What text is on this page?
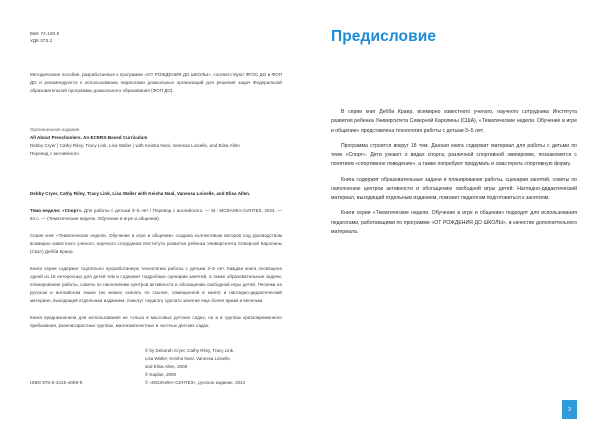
ББК 74.100.5
УДК 373.2
Методические пособия, разработанные к программе «ОТ РОЖДЕНИЯ ДО ШКОЛЫ», соответствуют ФГОС ДО и ФОП ДО и рекомендуются к использованию педагогами дошкольных организаций для решения задач Федеральной образовательной программы дошкольного образования (ФОП ДО).
Оригинальное издание
All About Preschoolers. An ECERS-Based Curriculum
Debby Cryer | Cathy Riley, Tracy Link, Lisa Waller | with Keisha Neal, Vanessa Loiselle, and Elisa Allen
Перевод с английского
Debby Cryer, Cathy Riley, Tracy Link, Lisa Waller with Keisha Neal, Vanessa Loiselle, and Elisa Allen.
Тема недели: «Спорт». Для работы с детьми 3–5 лет / Перевод с английского. — М.: МОЗАИКА-СИНТЕЗ, 2024. — 64 с. — (Тематические недели. Обучение в игре и общении).
Серия книг «Тематические недели. Обучение в игре и общении» создана коллективом авторов под руководством всемирно известного ученого, научного сотрудника Института развития ребенка Университета Северной Каролины (США) Дебби Краер.
Книги серии содержат тщательно проработанную технологию работы с детьми 3–5 лет. Каждая книга посвящена одной из 18 интересных для детей тем и содержит подробные сценарии занятий, а также образовательные задачи, планирование работы, советы по наполнению центров активности и обогащению свободной игры детей. Песенки на русском и английском языке (их можно скачать по ссылке, помещенной в книге) и наглядно-дидактический материал, выходящий отдельным изданием, помогут педагогу сделать занятие еще более ярким и веселым.
Книга предназначена для использования не только в массовых детских садах, но и в группах кратковременного пребывания, разновозрастных группах, малокомплектных и частных детских садах.
© by Deborah Cryer, Cathy Riley, Tracy Link,
Lisa Waller, Keisha Neal, Vanessa Loiselle,
and Elisa Allen, 2008
© Kaplan, 2008
© «МОЗАИКА-СИНТЕЗ», русское издание, 2024
ISBN 978-5-4315-4089-9
Предисловие

В серии книг Дебби Краер, всемирно известного ученого, научного сотрудника Института развития ребенка Университета Северной Каролины (США), «Тематические недели. Обучение в игре и общении» представлена технология работы с детьми 3–5 лет.

Программа строится вокруг 18 тем. Данная книга содержит материал для работы с детьми по теме «Спорт». Дети узнают о видах спорта, различной спортивной экипировке, познакомятся с понятием «спортивное поведение», а также попробуют придумать и смастерить спортивную форму.

Книга содержит образовательные задачи и планирование работы, сценарии занятий, советы по наполнению центров активности и обогащению свободной игры детей. Наглядно-дидактический материал, выходящий отдельным изданием, поможет педагогам подготовиться к занятиям.

Книги серии «Тематические недели. Обучение в игре и общении» подходят для использования педагогами, работающими по программе «ОТ РОЖДЕНИЯ ДО ШКОЛЫ», в качестве дополнительного материала.

3
